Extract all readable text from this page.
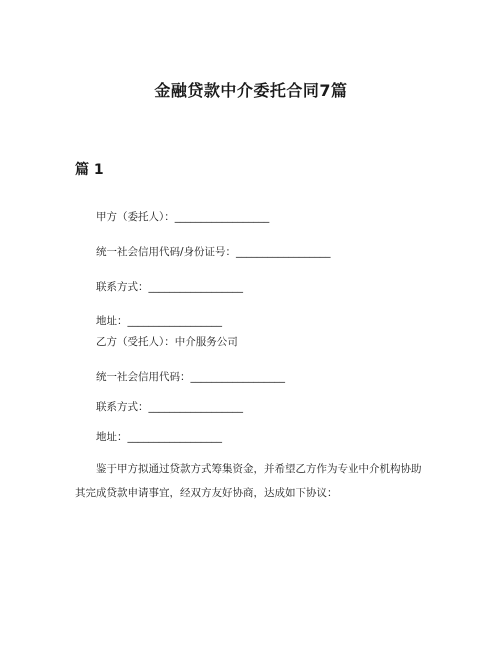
金融贷款中介委托合同7篇
篇 1
甲方（委托人）：__________________
统一社会信用代码/身份证号：__________________
联系方式：__________________
地址：__________________
乙方（受托人）：中介服务公司
统一社会信用代码：__________________
联系方式：__________________
地址：__________________
鉴于甲方拟通过贷款方式筹集资金，并希望乙方作为专业中介机构协助其完成贷款申请事宜，经双方友好协商，达成如下协议：
